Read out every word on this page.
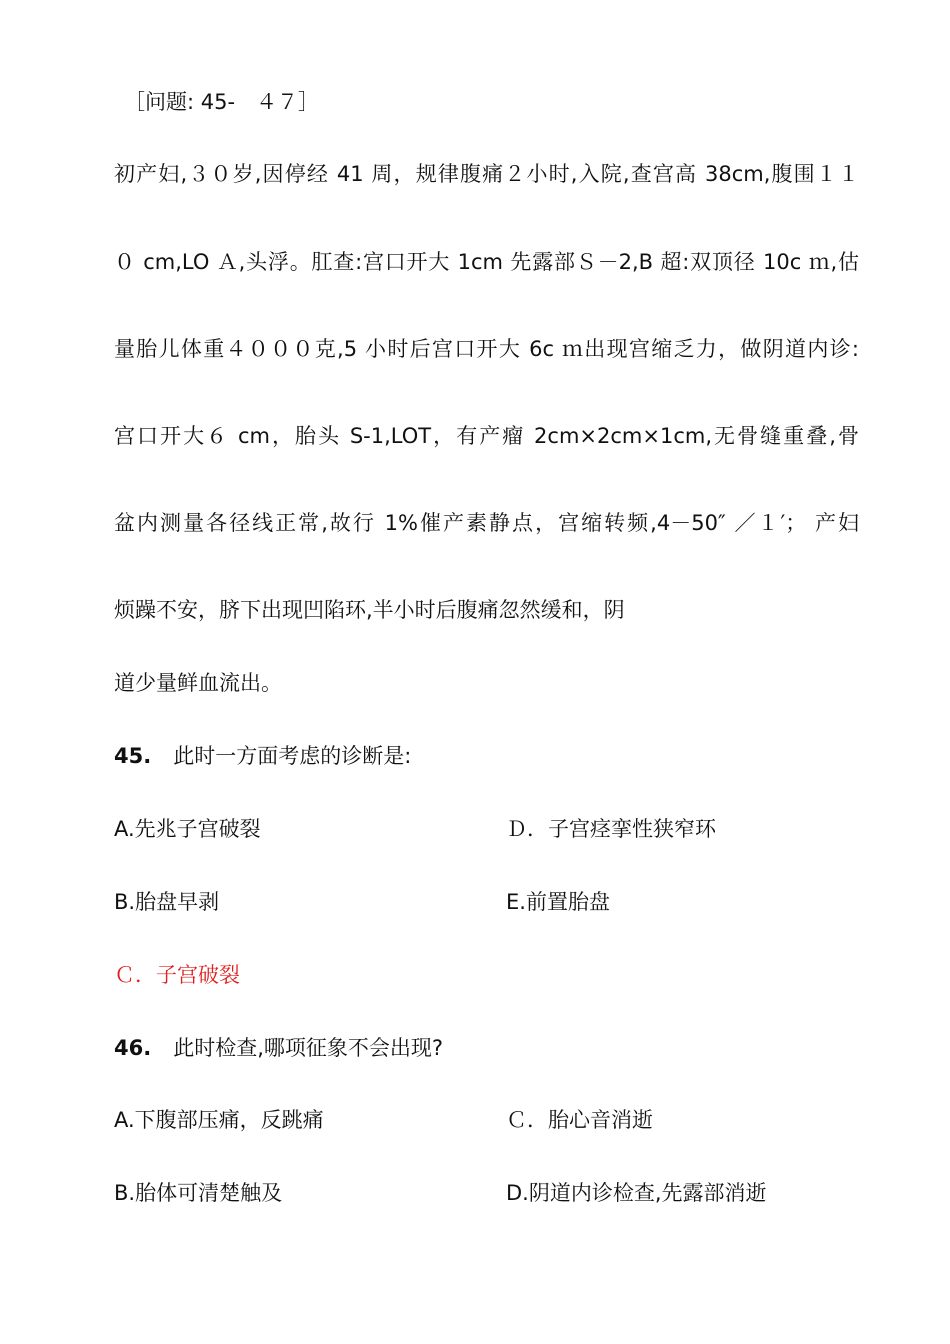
［问题: 45-　４７］
初产妇,３０岁,因停经 41 周，规律腹痛２小时,入院,查宫高 38cm,腹围１１
０ cm,LO Ａ,头浮。肛查:宫口开大 1cm 先露部Ｓ－2,B 超:双顶径 10c ｍ,估
量胎儿体重４０００克,5 小时后宫口开大 6c ｍ出现宫缩乏力，做阴道内诊:
宫口开大６ cm，胎头 S-1,LOT，有产瘤 2cm×2cm×1cm,无骨缝重叠,骨
盆内测量各径线正常,故行 1%催产素静点，宫缩转频,4－50″ ／１′； 产妇
烦躁不安，脐下出现凹陷环,半小时后腹痛忽然缓和，阴
道少量鲜血流出。
45. 此时一方面考虑的诊断是:
A.先兆子宫破裂	Ｄ．子宫痉挛性狭窄环
B.胎盘早剥	E.前置胎盘
Ｃ．子宫破裂
46. 此时检查,哪项征象不会出现?
A.下腹部压痛，反跳痛	Ｃ．胎心音消逝
B.胎体可清楚触及	D.阴道内诊检查,先露部消逝
